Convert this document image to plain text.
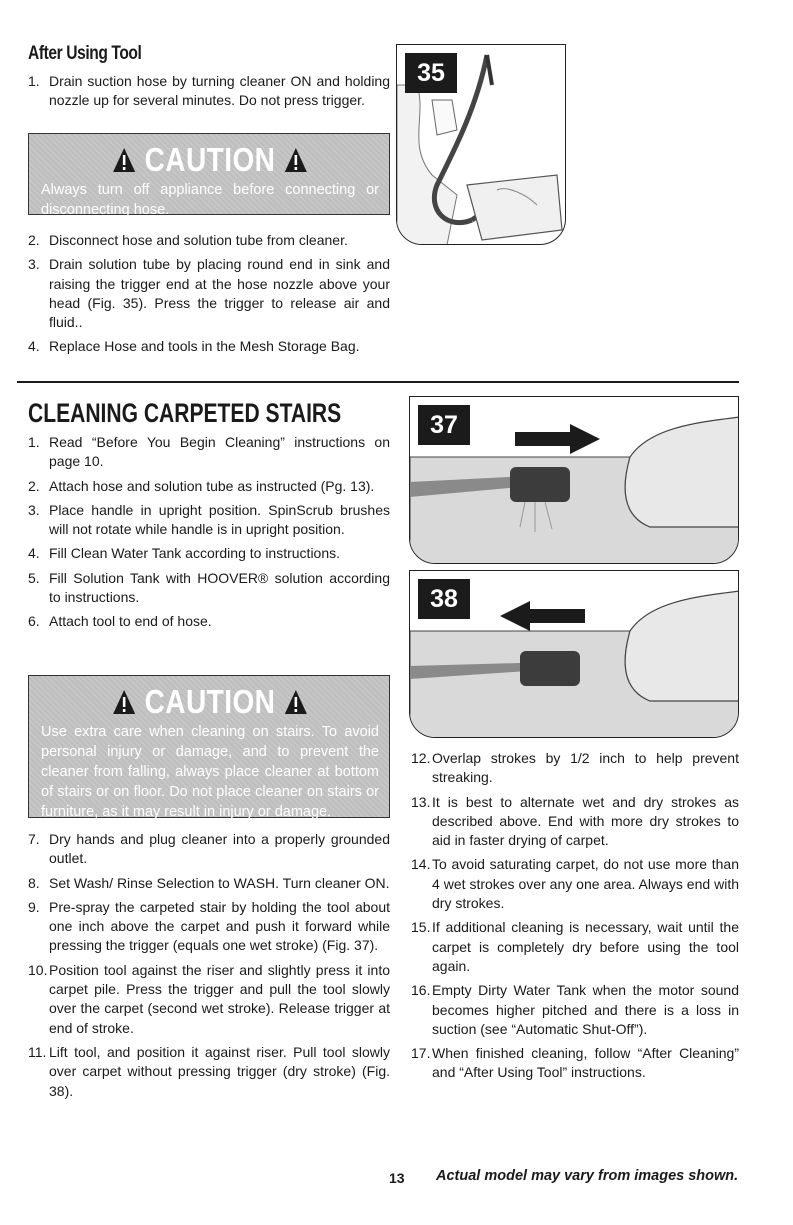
After Using Tool
1. Drain suction hose by turning cleaner ON and holding nozzle up for several minutes. Do not press trigger.
CAUTION
Always turn off appliance before connecting or disconnecting hose.
2. Disconnect hose and solution tube from cleaner.
3. Drain solution tube by placing round end in sink and raising the trigger end at the hose nozzle above your head (Fig. 35). Press the trigger to release air and fluid..
4. Replace Hose and tools in the Mesh Storage Bag.
35
CLEANING CARPETED STAIRS
1. Read “Before You Begin Cleaning” instructions on page 10.
2. Attach hose and solution tube as instructed (Pg. 13).
3. Place handle in upright position. SpinScrub brushes will not rotate while handle is in upright position.
4. Fill Clean Water Tank according to instructions.
5. Fill Solution Tank with HOOVER® solution according to instructions.
6. Attach tool to end of hose.
CAUTION
Use extra care when cleaning on stairs. To avoid personal injury or damage, and to prevent the cleaner from falling, always place cleaner at bottom of stairs or on floor. Do not place cleaner on stairs or furniture, as it may result in injury or damage.
7. Dry hands and plug cleaner into a properly grounded outlet.
8. Set Wash/ Rinse Selection to WASH. Turn cleaner ON.
9. Pre-spray the carpeted stair by holding the tool about one inch above the carpet and push it forward while pressing the trigger (equals one wet stroke) (Fig. 37).
10. Position tool against the riser and slightly press it into carpet pile. Press the trigger and pull the tool slowly over the carpet (second wet stroke). Release trigger at end of stroke.
11. Lift tool, and position it against riser. Pull tool slowly over carpet without pressing trigger (dry stroke) (Fig. 38).
37
38
12. Overlap strokes by 1/2 inch to help prevent streaking.
13. It is best to alternate wet and dry strokes as described above. End with more dry strokes to aid in faster drying of carpet.
14. To avoid saturating carpet, do not use more than 4 wet strokes over any one area. Always end with dry strokes.
15. If additional cleaning is necessary, wait until the carpet is completely dry before using the tool again.
16. Empty Dirty Water Tank when the motor sound becomes higher pitched and there is a loss in suction (see “Automatic Shut-Off”).
17. When finished cleaning, follow “After Cleaning” and “After Using Tool” instructions.
13 Actual model may vary from images shown.
